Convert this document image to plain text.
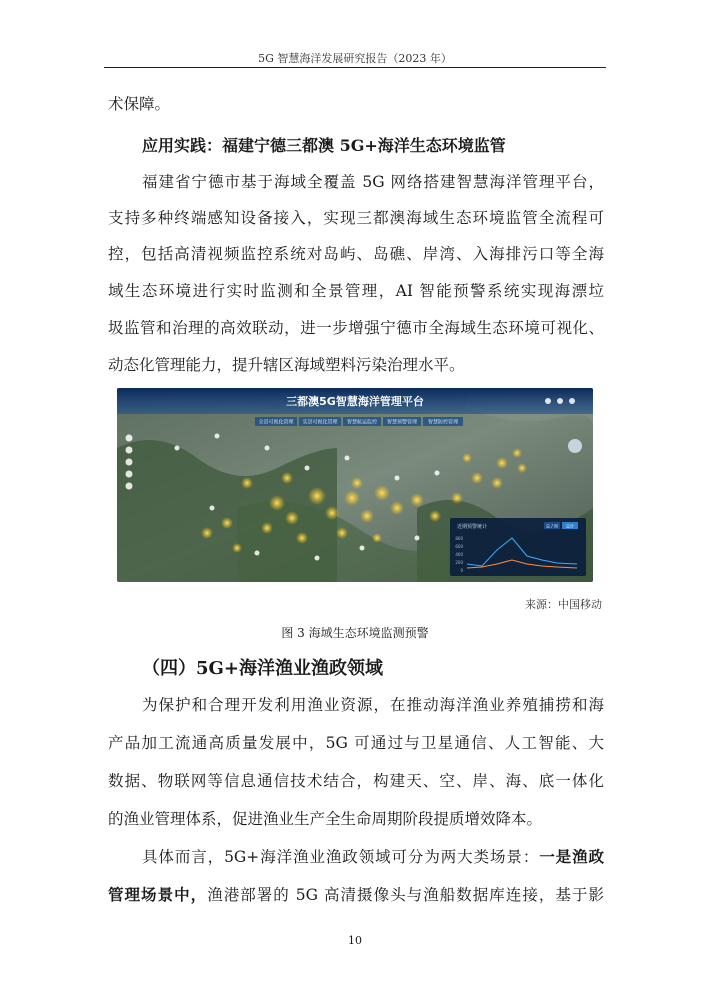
5G 智慧海洋发展研究报告（2023 年）
术保障。
应用实践：福建宁德三都澳 5G+海洋生态环境监管
福建省宁德市基于海域全覆盖 5G 网络搭建智慧海洋管理平台，
支持多种终端感知设备接入，实现三都澳海域生态环境监管全流程可
控，包括高清视频监控系统对岛屿、岛礁、岸湾、入海排污口等全海
域生态环境进行实时监测和全景管理，AI 智能预警系统实现海漂垃
圾监管和治理的高效联动，进一步增强宁德市全海域生态环境可视化、
动态化管理能力，提升辖区海域塑料污染治理水平。
三都澳5G智慧海洋管理平台
全景可视化管理 实景可视化管理 智慧航运监控 智慧预警管理 智慧防控管理
近期预警统计	总 / 周 总计
800
600
400
200
0
来源：中国移动
图 3 海域生态环境监测预警
（四）5G+海洋渔业渔政领域
为保护和合理开发利用渔业资源，在推动海洋渔业养殖捕捞和海
产品加工流通高质量发展中，5G 可通过与卫星通信、人工智能、大
数据、物联网等信息通信技术结合，构建天、空、岸、海、底一体化
的渔业管理体系，促进渔业生产全生命周期阶段提质增效降本。
具体而言，5G+海洋渔业渔政领域可分为两大类场景：一是渔政
管理场景中，渔港部署的 5G 高清摄像头与渔船数据库连接，基于影
10
